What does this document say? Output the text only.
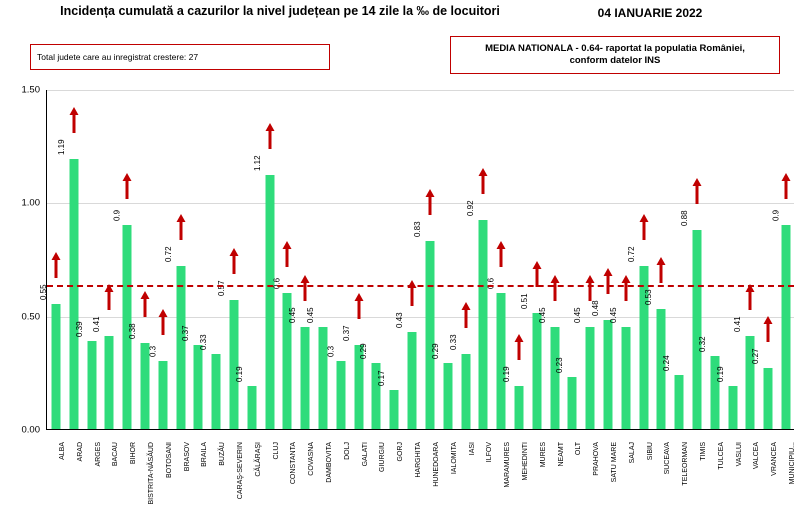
Incidența cumulată a cazurilor la nivel județean pe 14 zile la ‰ de locuitori	04 IANUARIE 2022
Total judete care au inregistrat crestere: 27
MEDIA NATIONALA - 0.64- raportat la populatia României,
conform datelor INS
0.55
ALBA
1.19
ARAD
0.39
ARGES
0.41
BACAU
0.9
BIHOR
0.38
BISTRITA-NĂSĂUD
0.3
BOTOSANI
0.72
BRASOV
0.37
BRAILA
0.33
BUZĂU
0.57
CARAŞ-SEVERIN
0.19
CĂLĂRAŞI
1.12
CLUJ
0.6
CONSTANTA
0.45
COVASNA
0.45
DAMBOVITA
0.3
DOLJ
0.37
GALATI
0.29
GIURGIU
0.17
GORJ
0.43
HARGHITA
0.83
HUNEDOARA
0.29
IALOMITA
0.33
IASI
0.92
ILFOV
0.6
MARAMURES
0.19
MEHEDINTI
0.51
MURES
0.45
NEAMT
0.23
OLT
0.45
PRAHOVA
0.48
SATU MARE
0.45
SALAJ
0.72
SIBIU
0.53
SUCEAVA
0.24
TELEORMAN
0.88
TIMIS
0.32
TULCEA
0.19
VASLUI
0.41
VALCEA
0.27
VRANCEA
0.9
MUNICIPIU...
0.00
0.50
1.00
1.50
